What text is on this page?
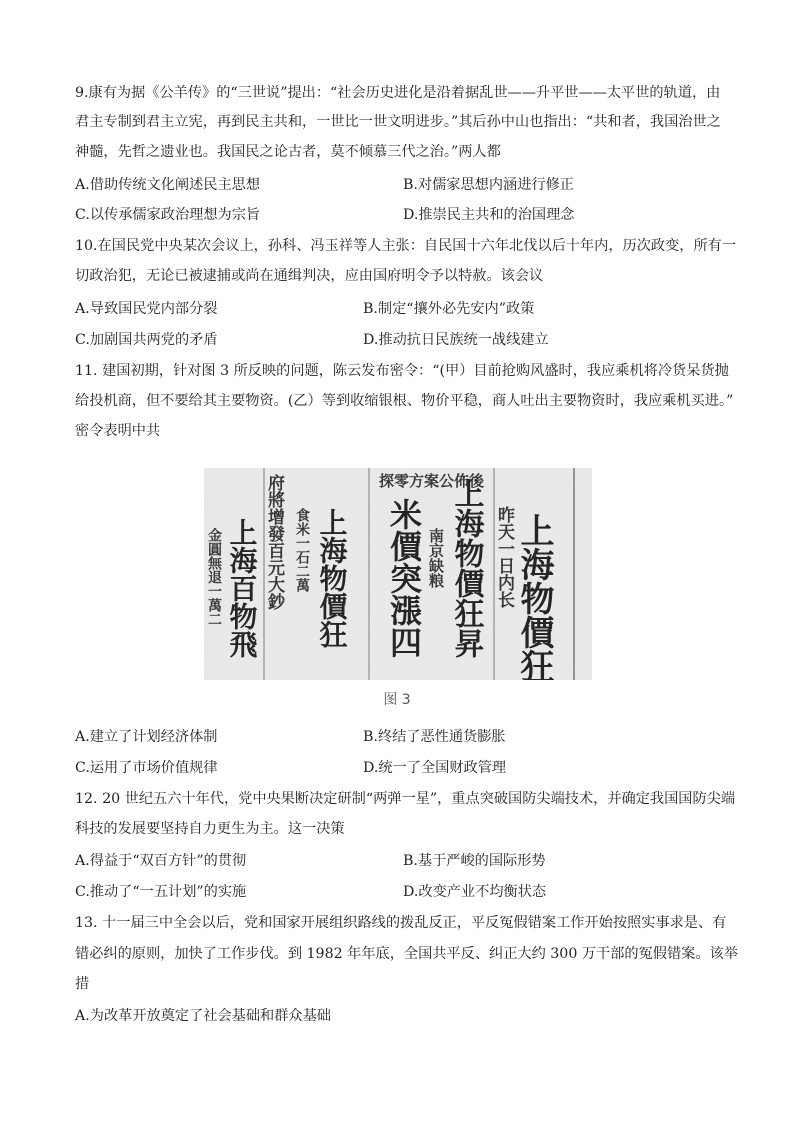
9.康有为据《公羊传》的“三世说”提出：“社会历史进化是沿着据乱世——升平世——太平世的轨道，由
君主专制到君主立宪，再到民主共和，一世比一世文明进步。”其后孙中山也指出：“共和者，我国治世之
神髓，先哲之遗业也。我国民之论古者，莫不倾慕三代之治。”两人都
A.借助传统文化阐述民主思想	B.对儒家思想内涵进行修正
C.以传承儒家政治理想为宗旨	D.推崇民主共和的治国理念
10.在国民党中央某次会议上，孙科、冯玉祥等人主张：自民国十六年北伐以后十年内，历次政变，所有一
切政治犯，无论已被逮捕或尚在通缉判决，应由国府明令予以特赦。该会议
A.导致国民党内部分裂	B.制定“攘外必先安内”政策
C.加剧国共两党的矛盾	D.推动抗日民族统一战线建立
11. 建国初期，针对图 3 所反映的问题，陈云发布密令：“(甲）目前抢购风盛时，我应乘机将冷货呆货抛
给投机商，但不要给其主要物资。(乙）等到收缩银根、物价平稳，商人吐出主要物资时，我应乘机买进。”
密令表明中共
图 3
A.建立了计划经济体制	B.终结了恶性通货膨胀
C.运用了市场价值规律	D.统一了全国财政管理
12. 20 世纪五六十年代，党中央果断决定研制“两弹一星”，重点突破国防尖端技术，并确定我国国防尖端
科技的发展要坚持自力更生为主。这一决策
A.得益于“双百方针”的贯彻	B.基于严峻的国际形势
C.推动了“一五计划”的实施	D.改变产业不均衡状态
13. 十一届三中全会以后，党和国家开展组织路线的拨乱反正，平反冤假错案工作开始按照实事求是、有
错必纠的原则，加快了工作步伐。到 1982 年年底，全国共平反、纠正大约 300 万干部的冤假错案。该举
措
A.为改革开放奠定了社会基础和群众基础
